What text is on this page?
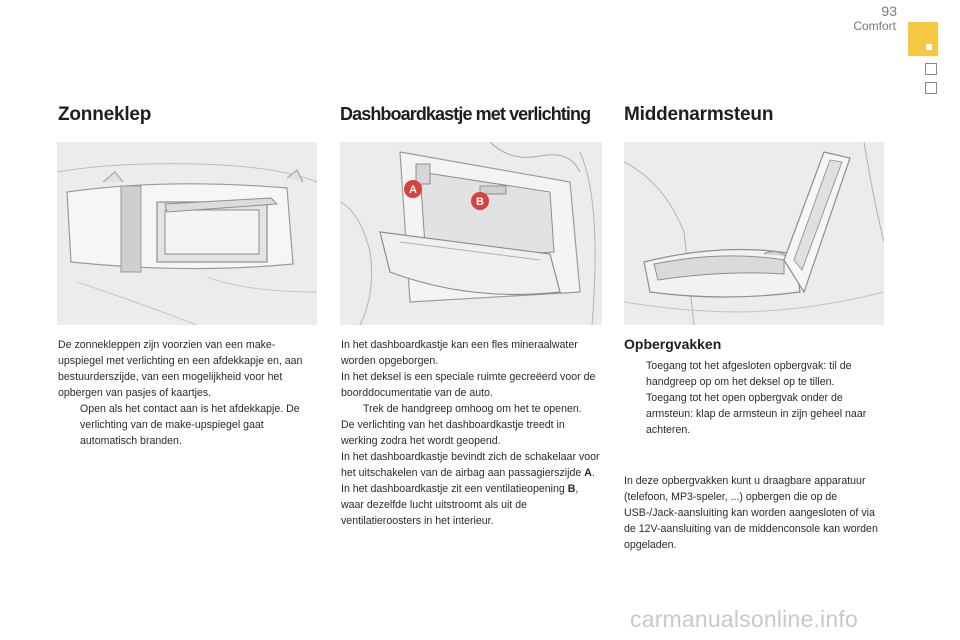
93
Comfort
Zonneklep

De zonnekleppen zijn voorzien van een make-upspiegel met verlichting en een afdekkapje en, aan bestuurderszijde, van een mogelijkheid voor het opbergen van pasjes of kaartjes.

Open als het contact aan is het afdekkapje. De verlichting van de make-upspiegel gaat automatisch branden.

Dashboardkastje met verlichting
A
B

In het dashboardkastje kan een fles mineraalwater worden opgeborgen.

In het deksel is een speciale ruimte gecreëerd voor de boorddocumentatie van de auto.

Trek de handgreep omhoog om het te openen.

De verlichting van het dashboardkastje treedt in werking zodra het wordt geopend.

In het dashboardkastje bevindt zich de schakelaar voor het uitschakelen van de airbag aan passagierszijde A.

In het dashboardkastje zit een ventilatieopening B, waar dezelfde lucht uitstroomt als uit de ventilatieroosters in het interieur.

Middenarmsteun
Opbergvakken

Toegang tot het afgesloten opbergvak: til de handgreep op om het deksel op te tillen.

Toegang tot het open opbergvak onder de armsteun: klap de armsteun in zijn geheel naar achteren.

In deze opbergvakken kunt u draagbare apparatuur (telefoon, MP3-speler, ...) opbergen die op de USB-/Jack-aansluiting kan worden aangesloten of via de 12V-aansluiting van de middenconsole kan worden opgeladen.

carmanualsonline.info
